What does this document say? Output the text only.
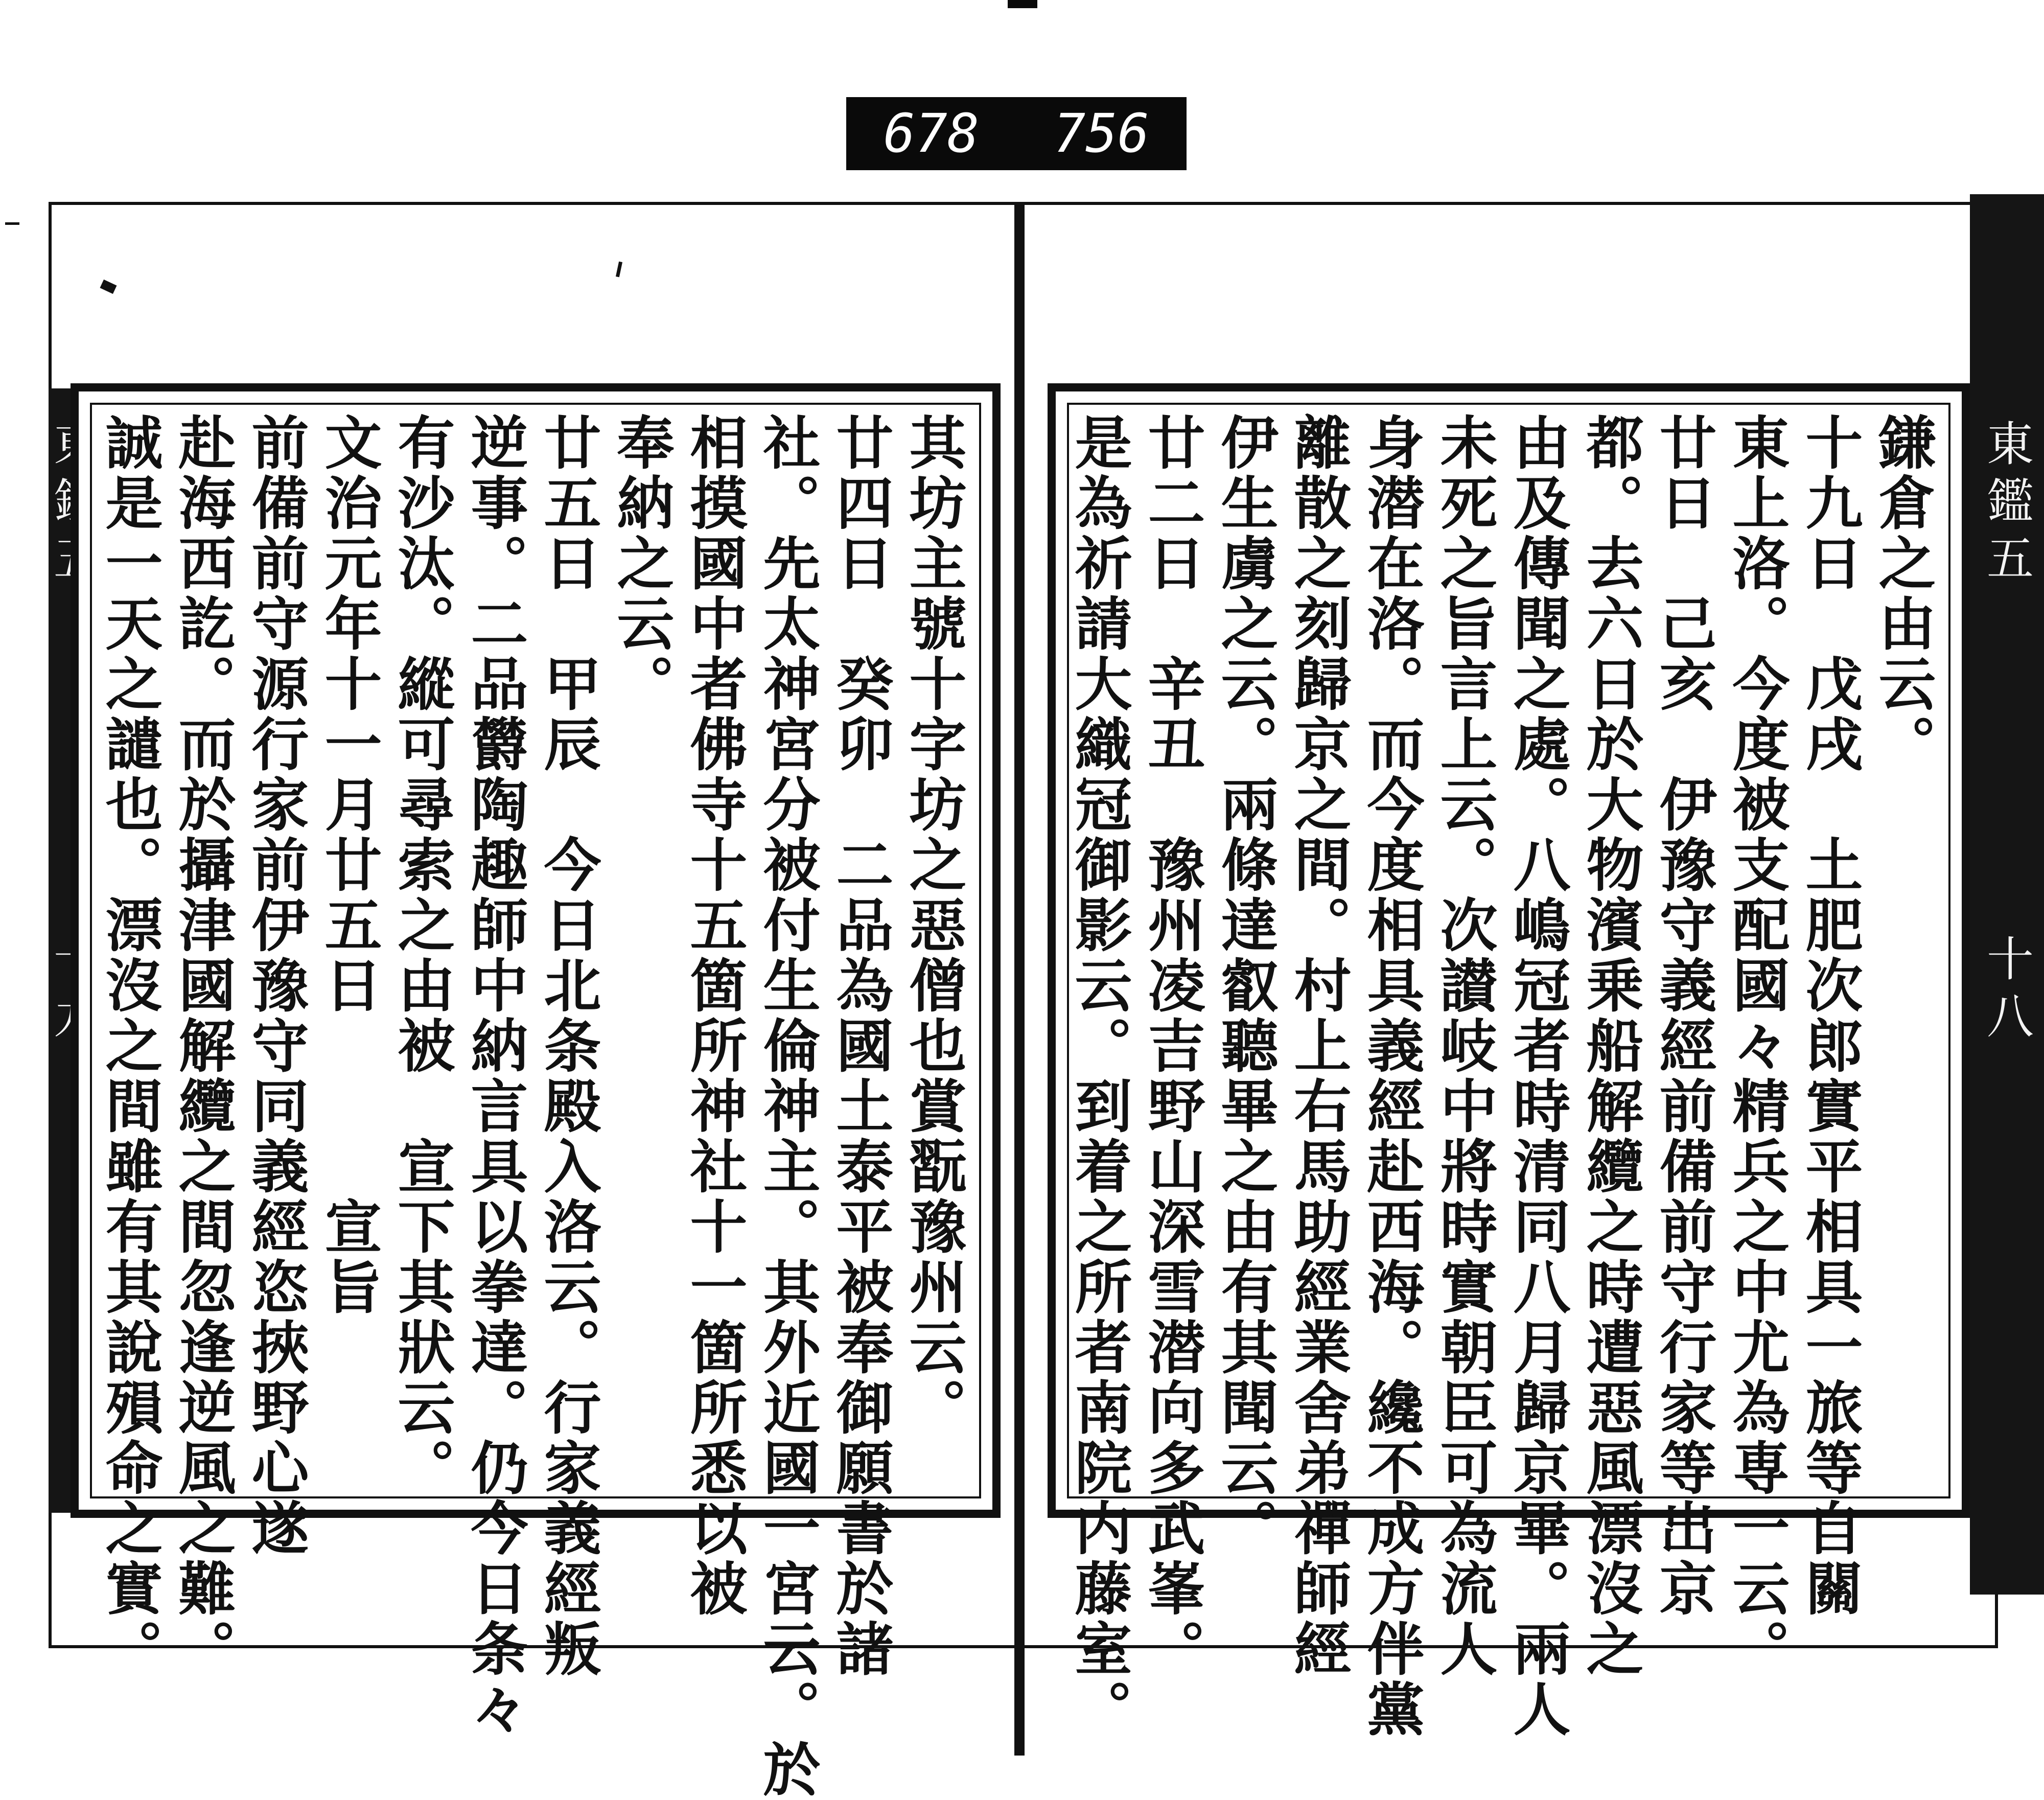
678 756
東鑑五　　　　　　十八
鎌倉之由云。
十九日　戊戌　土肥次郎實平相具一旅等自關
東上洛。今度被支配國々精兵之中尤為専一云。
廿日　己亥　伊豫守義經前備前守行家等出京
都。去六日於大物濱乗船解纜之時遭惡風漂沒之
由及傳聞之處。八嶋冠者時清同八月歸京畢。兩人
未死之旨言上云。次讃岐中將時實朝臣可為流人
身潜在洛。而今度相具義經赴西海。纔不成方伴黨
離散之刻歸京之間。村上右馬助經業舍弟禪師經
伊生虜之云。兩條達叡聽畢之由有其聞云。
廿二日　辛丑　豫州凌吉野山深雪潜向多武峯。
是為祈請大織冠御影云。到着之所者南院内藤室。
其坊主號十字坊之惡僧也賞翫豫州云。
廿四日　癸卯　二品為國土泰平被奉御願書於諸
社。先太神宮分被付生倫神主。其外近國一宮云。於
相摸國中者佛寺十五箇所神社十一箇所悉以被
奉納之云。
廿五日　甲辰　今日北条殿入洛云。行家義經叛
逆事。二品欝陶趣師中納言具以拳達。仍今日条々
有沙汰。縱可尋索之由被　宣下其狀云。
文治元年十一月廿五日　　　宣旨
前備前守源行家前伊豫守同義經恣挾野心遂
赴海西訖。而於攝津國解纜之間忽逢逆風之難。
誠是一天之譴也。漂沒之間雖有其說殞命之實。
